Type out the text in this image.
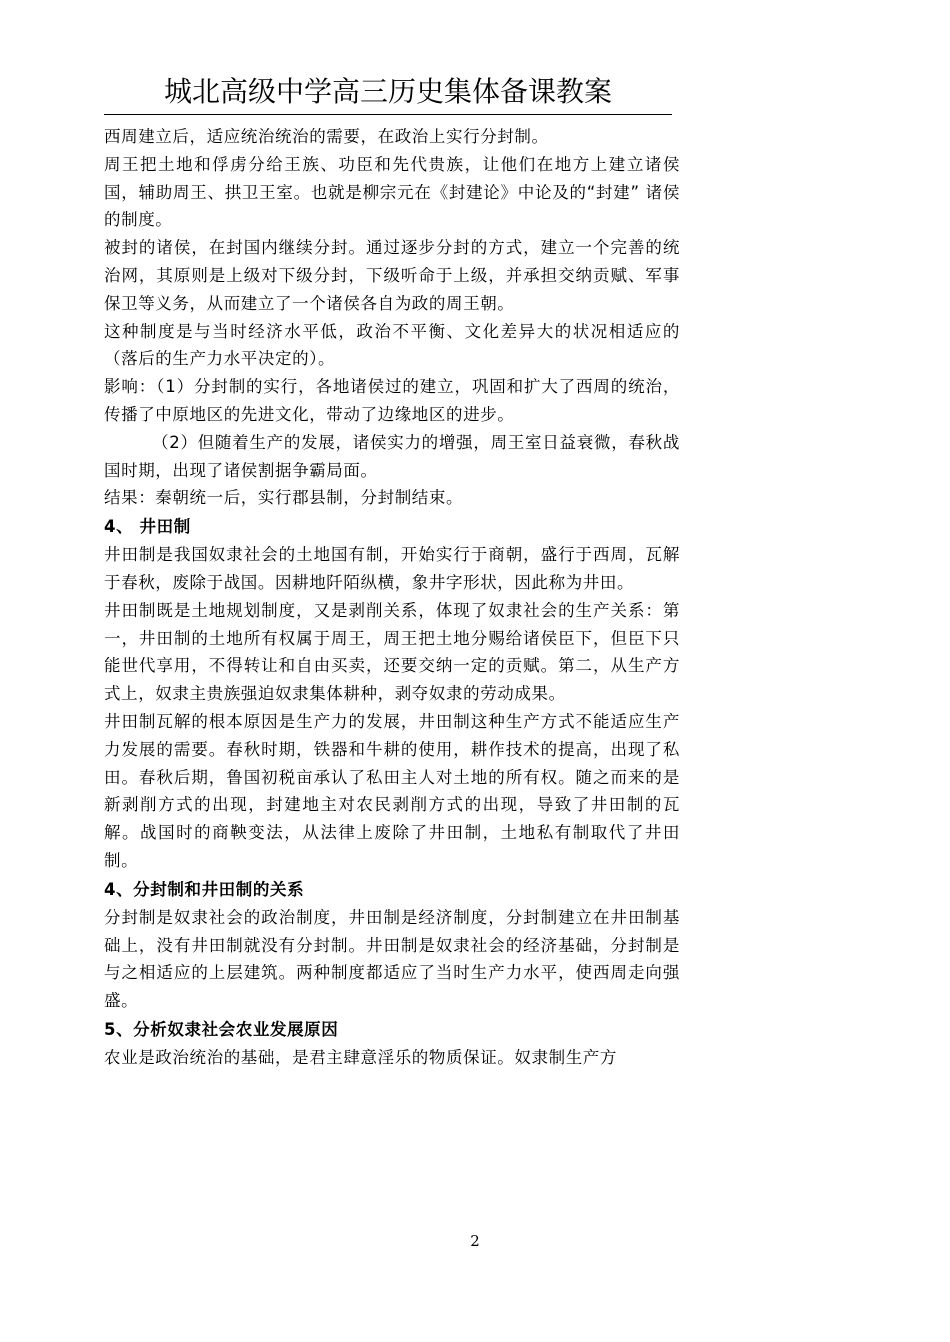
城北高级中学高三历史集体备课教案

西周建立后，适应统治统治的需要，在政治上实行分封制。

周王把土地和俘虏分给王族、功臣和先代贵族，让他们在地方上建立诸侯国，辅助周王、拱卫王室。也就是柳宗元在《封建论》中论及的“封建” 诸侯的制度。

被封的诸侯，在封国内继续分封。通过逐步分封的方式，建立一个完善的统治网，其原则是上级对下级分封，下级听命于上级，并承担交纳贡赋、军事保卫等义务，从而建立了一个诸侯各自为政的周王朝。

这种制度是与当时经济水平低，政治不平衡、文化差异大的状况相适应的（落后的生产力水平决定的）。

影响：（1）分封制的实行，各地诸侯过的建立，巩固和扩大了西周的统治，传播了中原地区的先进文化，带动了边缘地区的进步。

（2）但随着生产的发展，诸侯实力的增强，周王室日益衰微，春秋战国时期，出现了诸侯割据争霸局面。

结果：秦朝统一后，实行郡县制，分封制结束。

4、 井田制

井田制是我国奴隶社会的土地国有制，开始实行于商朝，盛行于西周，瓦解于春秋，废除于战国。因耕地阡陌纵横，象井字形状，因此称为井田。

井田制既是土地规划制度，又是剥削关系，体现了奴隶社会的生产关系：第一，井田制的土地所有权属于周王，周王把土地分赐给诸侯臣下，但臣下只能世代享用，不得转让和自由买卖，还要交纳一定的贡赋。第二，从生产方式上，奴隶主贵族强迫奴隶集体耕种，剥夺奴隶的劳动成果。

井田制瓦解的根本原因是生产力的发展，井田制这种生产方式不能适应生产力发展的需要。春秋时期，铁器和牛耕的使用，耕作技术的提高，出现了私田。春秋后期，鲁国初税亩承认了私田主人对土地的所有权。随之而来的是新剥削方式的出现，封建地主对农民剥削方式的出现，导致了井田制的瓦解。战国时的商鞅变法，从法律上废除了井田制，土地私有制取代了井田制。

4、分封制和井田制的关系

分封制是奴隶社会的政治制度，井田制是经济制度，分封制建立在井田制基础上，没有井田制就没有分封制。井田制是奴隶社会的经济基础，分封制是与之相适应的上层建筑。两种制度都适应了当时生产力水平，使西周走向强盛。

5、分析奴隶社会农业发展原因

农业是政治统治的基础，是君主肆意淫乐的物质保证。奴隶制生产方

2
